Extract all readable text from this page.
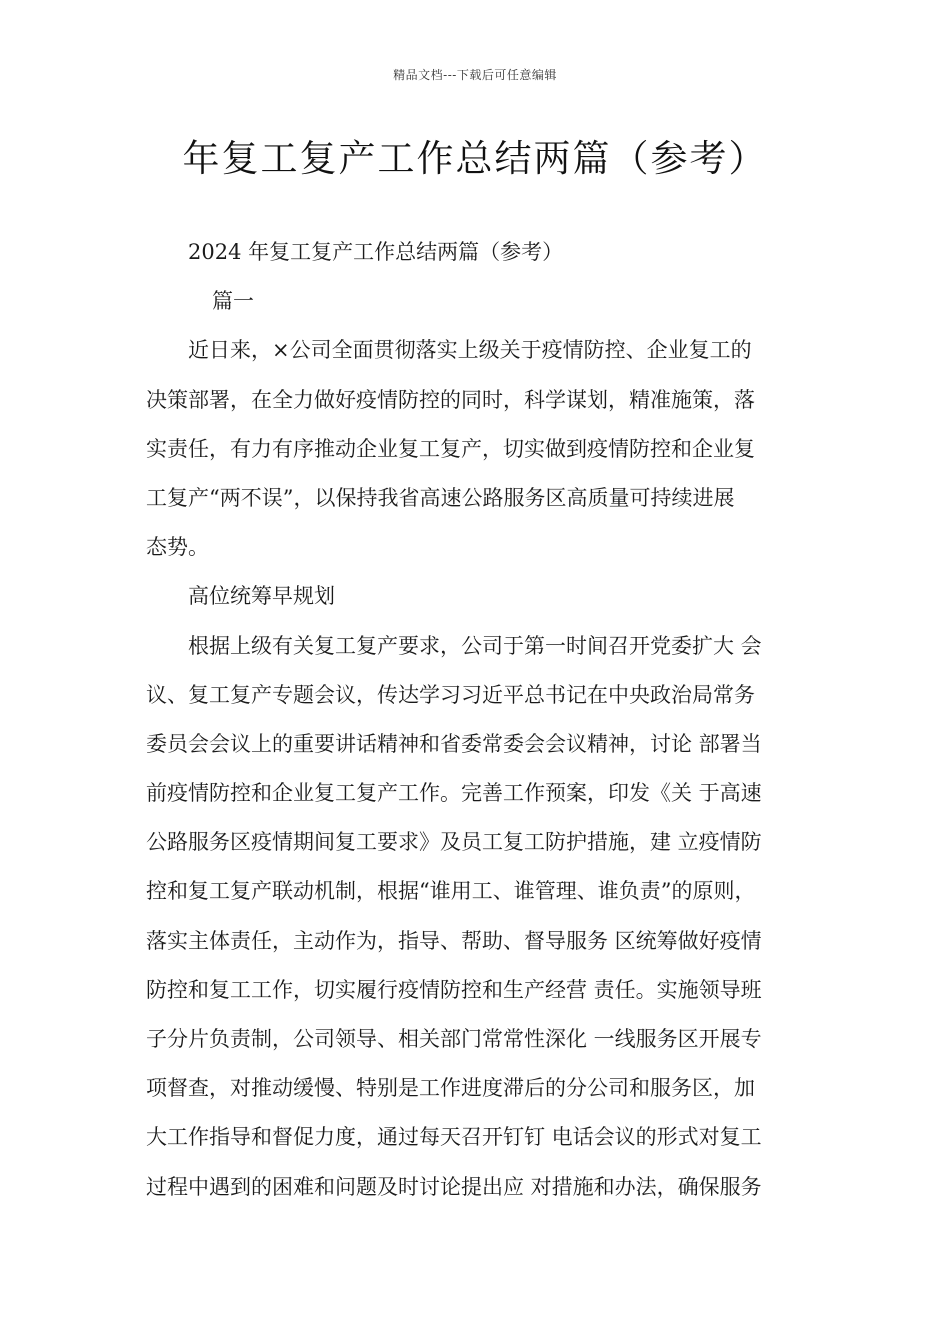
精品文档---下载后可任意编辑
年复工复产工作总结两篇（参考）
2024 年复工复产工作总结两篇（参考）
篇一
近日来，×公司全面贯彻落实上级关于疫情防控、企业复工的
决策部署，在全力做好疫情防控的同时，科学谋划，精准施策，落
实责任，有力有序推动企业复工复产，切实做到疫情防控和企业复
工复产“两不误”，以保持我省高速公路服务区高质量可持续进展
态势。
高位统筹早规划
根据上级有关复工复产要求，公司于第一时间召开党委扩大 会
议、复工复产专题会议，传达学习习近平总书记在中央政治局常务
委员会会议上的重要讲话精神和省委常委会会议精神，讨论 部署当
前疫情防控和企业复工复产工作。完善工作预案，印发《关 于高速
公路服务区疫情期间复工要求》及员工复工防护措施，建 立疫情防
控和复工复产联动机制，根据“谁用工、谁管理、谁负责”的原则，
落实主体责任，主动作为，指导、帮助、督导服务 区统筹做好疫情
防控和复工工作，切实履行疫情防控和生产经营 责任。实施领导班
子分片负责制，公司领导、相关部门常常性深化 一线服务区开展专
项督查，对推动缓慢、特别是工作进度滞后的分公司和服务区，加
大工作指导和督促力度，通过每天召开钉钉 电话会议的形式对复工
过程中遇到的困难和问题及时讨论提出应 对措施和办法，确保服务
